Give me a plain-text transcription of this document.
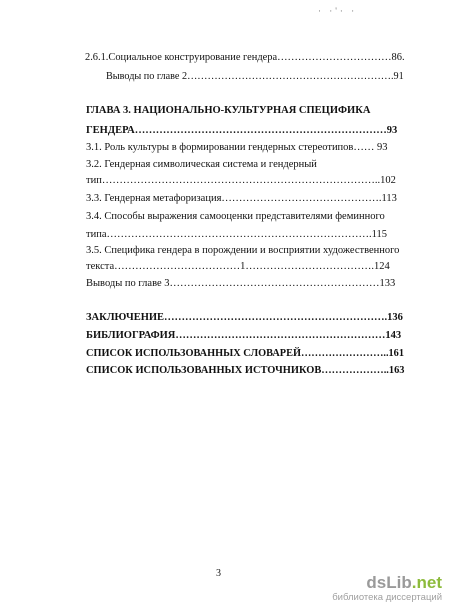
· ·'· ·
2.6.1.Социальное конструирование гендера……………………………86.
Выводы по главе 2…………………………………………………….91
ГЛАВА 3. НАЦИОНАЛЬНО-КУЛЬТУРНАЯ СПЕЦИФИКА
ГЕНДЕРА………………………………………………………………93
3.1. Роль культуры в формировании гендерных стереотипов…… 93
3.2. Гендерная символическая система и гендерный
тип……………………………………………………………………..102
3.3. Гендерная метафоризация……………………………………….113
3.4. Способы выражения самооценки представителями феминного
типа………………………………………………………………….115
3.5. Специфика гендера в порождении и восприятии художественного
текста………………………………1……………………………….124
Выводы по главе 3……………………………………………………133
ЗАКЛЮЧЕНИЕ……………………………………………………….136
БИБЛИОГРАФИЯ……………………………………………………143
СПИСОК ИСПОЛЬЗОВАННЫХ СЛОВАРЕЙ……………………..161
СПИСОК ИСПОЛЬЗОВАННЫХ ИСТОЧНИКОВ………………..163
3	dsLib.net
библиотека диссертаций
